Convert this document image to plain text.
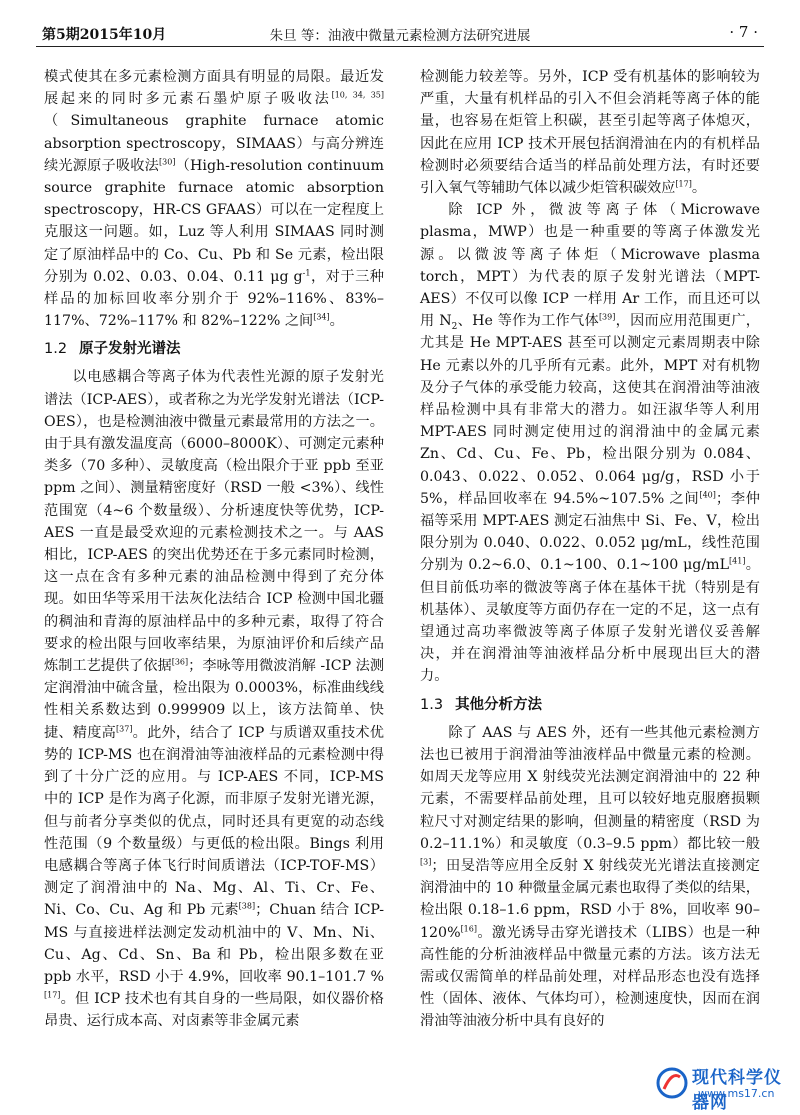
第5期2015年10月	朱旦 等：油液中微量元素检测方法研究进展	· 7 ·

模式使其在多元素检测方面具有明显的局限。最近发展起来的同时多元素石墨炉原子吸收法[10, 34, 35]（Simultaneous graphite furnace atomic absorption spectroscopy，SIMAAS）与高分辨连续光源原子吸收法[30]（High-resolution continuum source graphite furnace atomic absorption spectroscopy，HR-CS GFAAS）可以在一定程度上克服这一问题。如，Luz 等人利用 SIMAAS 同时测定了原油样品中的 Co、Cu、Pb 和 Se 元素，检出限分别为 0.02、0.03、0.04、0.11 μg $g^{-1}$，对于三种样品的加标回收率分别介于 92%–116%、83%–117%、72%–117% 和 82%–122% 之间[34]。

1.2 原子发射光谱法

以电感耦合等离子体为代表性光源的原子发射光谱法（ICP-AES），或者称之为光学发射光谱法（ICP-OES），也是检测油液中微量元素最常用的方法之一。由于具有激发温度高（6000–8000K）、可测定元素种类多（70 多种）、灵敏度高（检出限介于亚 ppb 至亚 ppm 之间）、测量精密度好（RSD 一般 <3%）、线性范围宽（4~6 个数量级）、分析速度快等优势，ICP-AES 一直是最受欢迎的元素检测技术之一。与 AAS 相比，ICP-AES 的突出优势还在于多元素同时检测，这一点在含有多种元素的油品检测中得到了充分体现。如田华等采用干法灰化法结合 ICP 检测中国北疆的稠油和青海的原油样品中的多种元素，取得了符合要求的检出限与回收率结果，为原油评价和后续产品炼制工艺提供了依据[36]；李咏等用微波消解 -ICP 法测定润滑油中硫含量，检出限为 0.0003%，标准曲线线性相关系数达到 0.999909 以上，该方法简单、快捷、精度高[37]。此外，结合了 ICP 与质谱双重技术优势的 ICP-MS 也在润滑油等油液样品的元素检测中得到了十分广泛的应用。与 ICP-AES 不同，ICP-MS 中的 ICP 是作为离子化源，而非原子发射光谱光源，但与前者分享类似的优点，同时还具有更宽的动态线性范围（9 个数量级）与更低的检出限。Bings 利用电感耦合等离子体飞行时间质谱法（ICP-TOF-MS）测定了润滑油中的 Na、Mg、Al、Ti、Cr、Fe、Ni、Co、Cu、Ag 和 Pb 元素[38]；Chuan 结合 ICP-MS 与直接进样法测定发动机油中的 V、Mn、Ni、Cu、Ag、Cd、Sn、Ba 和 Pb，检出限多数在亚 ppb 水平，RSD 小于 4.9%，回收率 90.1–101.7 %[17]。但 ICP 技术也有其自身的一些局限，如仪器价格昂贵、运行成本高、对卤素等非金属元素

检测能力较差等。另外，ICP 受有机基体的影响较为严重，大量有机样品的引入不但会消耗等离子体的能量，也容易在炬管上积碳，甚至引起等离子体熄灭，因此在应用 ICP 技术开展包括润滑油在内的有机样品检测时必须要结合适当的样品前处理方法，有时还要引入氧气等辅助气体以减少炬管积碳效应[17]。

除 ICP 外，微波等离子体（Microwave plasma，MWP）也是一种重要的等离子体激发光源。以微波等离子体炬（Microwave plasma torch，MPT）为代表的原子发射光谱法（MPT-AES）不仅可以像 ICP 一样用 Ar 工作，而且还可以用 $N_2$、He 等作为工作气体[39]，因而应用范围更广，尤其是 He MPT-AES 甚至可以测定元素周期表中除 He 元素以外的几乎所有元素。此外，MPT 对有机物及分子气体的承受能力较高，这使其在润滑油等油液样品检测中具有非常大的潜力。如汪淑华等人利用 MPT-AES 同时测定使用过的润滑油中的金属元素 Zn、Cd、Cu、Fe、Pb，检出限分别为 0.084、0.043、0.022、0.052、0.064 μg/g，RSD 小于 5%，样品回收率在 94.5%~107.5% 之间[40]；李仲福等采用 MPT-AES 测定石油焦中 Si、Fe、V，检出限分别为 0.040、0.022、0.052 μg/mL，线性范围分别为 0.2~6.0、0.1~100、0.1~100 μg/mL[41]。但目前低功率的微波等离子体在基体干扰（特别是有机基体）、灵敏度等方面仍存在一定的不足，这一点有望通过高功率微波等离子体原子发射光谱仪妥善解决，并在润滑油等油液样品分析中展现出巨大的潜力。

1.3 其他分析方法

除了 AAS 与 AES 外，还有一些其他元素检测方法也已被用于润滑油等油液样品中微量元素的检测。如周天龙等应用 X 射线荧光法测定润滑油中的 22 种元素，不需要样品前处理，且可以较好地克服磨损颗粒尺寸对测定结果的影响，但测量的精密度（RSD 为 0.2–11.1%）和灵敏度（0.3–9.5 ppm）都比较一般[3]；田旻浩等应用全反射 X 射线荧光光谱法直接测定润滑油中的 10 种微量金属元素也取得了类似的结果，检出限 0.18–1.6 ppm，RSD 小于 8%，回收率 90–120%[16]。激光诱导击穿光谱技术（LIBS）也是一种高性能的分析油液样品中微量元素的方法。该方法无需或仅需简单的样品前处理，对样品形态也没有选择性（固体、液体、气体均可），检测速度快，因而在润滑油等油液分析中具有良好的

现代科学仪器网
www.ms17.cn
